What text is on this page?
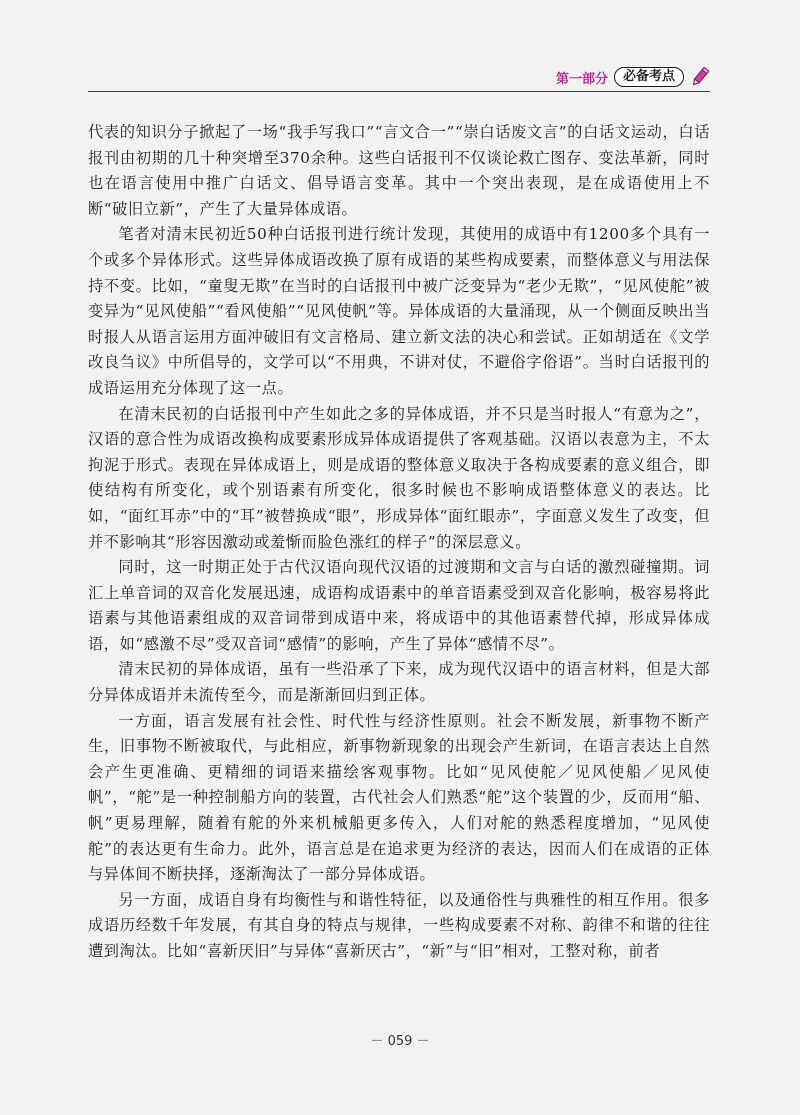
第一部分	必备考点

代表的知识分子掀起了一场“我手写我口”“言文合一”“崇白话废文言”的白话文运动，白话报刊由初期的几十种突增至370余种。这些白话报刊不仅谈论救亡图存、变法革新，同时也在语言使用中推广白话文、倡导语言变革。其中一个突出表现，是在成语使用上不断“破旧立新”，产生了大量异体成语。

笔者对清末民初近50种白话报刊进行统计发现，其使用的成语中有1200多个具有一个或多个异体形式。这些异体成语改换了原有成语的某些构成要素，而整体意义与用法保持不变。比如，“童叟无欺”在当时的白话报刊中被广泛变异为“老少无欺”，“见风使舵”被变异为“见风使船”“看风使船”“见风使帆”等。异体成语的大量涌现，从一个侧面反映出当时报人从语言运用方面冲破旧有文言格局、建立新文法的决心和尝试。正如胡适在《文学改良刍议》中所倡导的，文学可以“不用典，不讲对仗，不避俗字俗语”。当时白话报刊的成语运用充分体现了这一点。

在清末民初的白话报刊中产生如此之多的异体成语，并不只是当时报人“有意为之”，汉语的意合性为成语改换构成要素形成异体成语提供了客观基础。汉语以表意为主，不太拘泥于形式。表现在异体成语上，则是成语的整体意义取决于各构成要素的意义组合，即使结构有所变化，或个别语素有所变化，很多时候也不影响成语整体意义的表达。比如，“面红耳赤”中的“耳”被替换成“眼”，形成异体“面红眼赤”，字面意义发生了改变，但并不影响其“形容因激动或羞惭而脸色涨红的样子”的深层意义。

同时，这一时期正处于古代汉语向现代汉语的过渡期和文言与白话的激烈碰撞期。词汇上单音词的双音化发展迅速，成语构成语素中的单音语素受到双音化影响，极容易将此语素与其他语素组成的双音词带到成语中来，将成语中的其他语素替代掉，形成异体成语，如“感激不尽”受双音词“感情”的影响，产生了异体“感情不尽”。

清末民初的异体成语，虽有一些沿承了下来，成为现代汉语中的语言材料，但是大部分异体成语并未流传至今，而是渐渐回归到正体。

一方面，语言发展有社会性、时代性与经济性原则。社会不断发展，新事物不断产生，旧事物不断被取代，与此相应，新事物新现象的出现会产生新词，在语言表达上自然会产生更准确、更精细的词语来描绘客观事物。比如“见风使舵／见风使船／见风使帆”，“舵”是一种控制船方向的装置，古代社会人们熟悉“舵”这个装置的少，反而用“船、帆”更易理解，随着有舵的外来机械船更多传入，人们对舵的熟悉程度增加，“见风使舵”的表达更有生命力。此外，语言总是在追求更为经济的表达，因而人们在成语的正体与异体间不断抉择，逐渐淘汰了一部分异体成语。

另一方面，成语自身有均衡性与和谐性特征，以及通俗性与典雅性的相互作用。很多成语历经数千年发展，有其自身的特点与规律，一些构成要素不对称、韵律不和谐的往往遭到淘汰。比如“喜新厌旧”与异体“喜新厌古”，“新”与“旧”相对，工整对称，前者

－ 059 －
